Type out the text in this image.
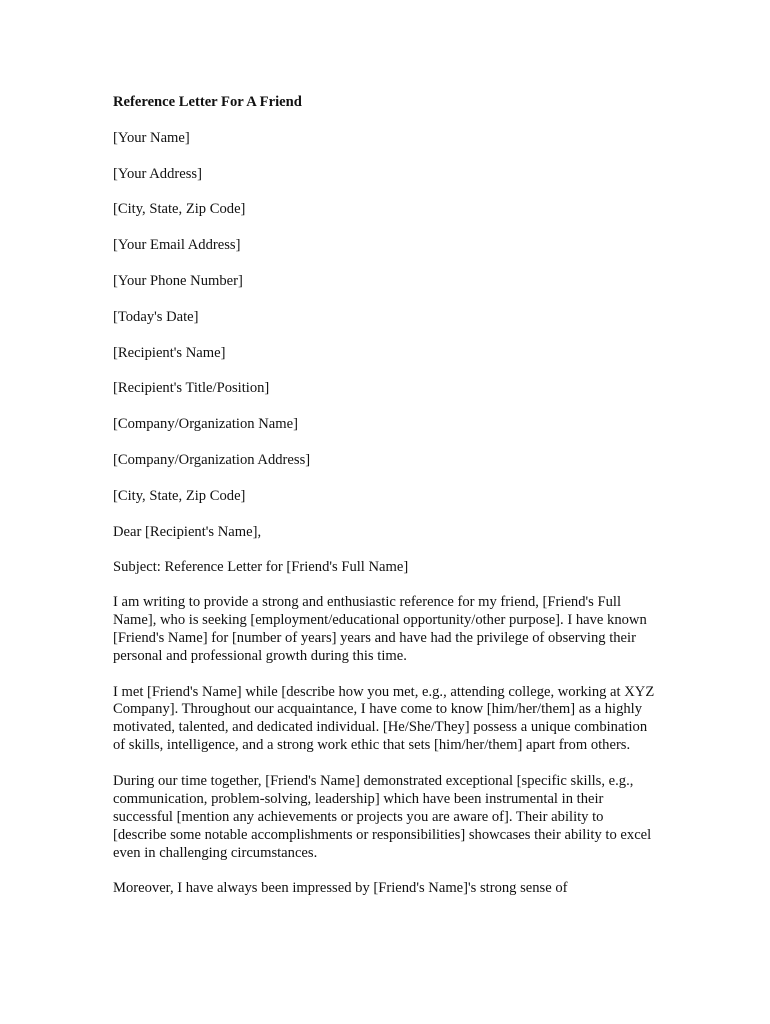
Reference Letter For A Friend
[Your Name]
[Your Address]
[City, State, Zip Code]
[Your Email Address]
[Your Phone Number]
[Today's Date]
[Recipient's Name]
[Recipient's Title/Position]
[Company/Organization Name]
[Company/Organization Address]
[City, State, Zip Code]
Dear [Recipient's Name],
Subject: Reference Letter for [Friend's Full Name]

I am writing to provide a strong and enthusiastic reference for my friend, [Friend's Full Name], who is seeking [employment/educational opportunity/other purpose]. I have known [Friend's Name] for [number of years] years and have had the privilege of observing their personal and professional growth during this time.

I met [Friend's Name] while [describe how you met, e.g., attending college, working at XYZ Company]. Throughout our acquaintance, I have come to know [him/her/them] as a highly motivated, talented, and dedicated individual. [He/She/They] possess a unique combination of skills, intelligence, and a strong work ethic that sets [him/her/them] apart from others.

During our time together, [Friend's Name] demonstrated exceptional [specific skills, e.g., communication, problem-solving, leadership] which have been instrumental in their successful [mention any achievements or projects you are aware of]. Their ability to [describe some notable accomplishments or responsibilities] showcases their ability to excel even in challenging circumstances.

Moreover, I have always been impressed by [Friend's Name]'s strong sense of
